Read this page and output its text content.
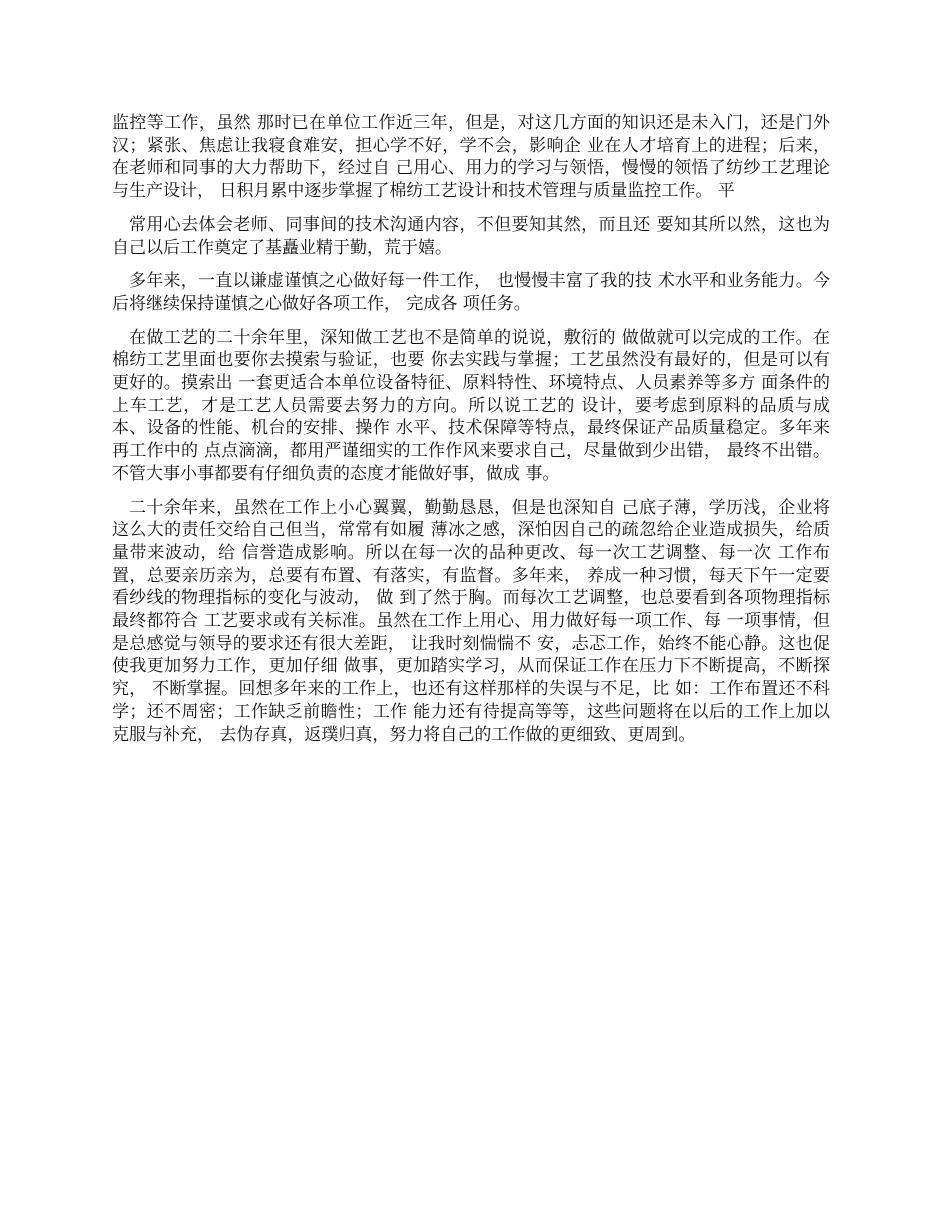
监控等工作，虽然 那时已在单位工作近三年，但是，对这几方面的知识还是未入门，还是门外汉；紧张、焦虑让我寝食难安，担心学不好，学不会，影响企 业在人才培育上的进程；后来，在老师和同事的大力帮助下，经过自 己用心、用力的学习与领悟，慢慢的领悟了纺纱工艺理论与生产设计， 日积月累中逐步掌握了棉纺工艺设计和技术管理与质量监控工作。 平

常用心去体会老师、同事间的技术沟通内容，不但要知其然，而且还 要知其所以然，这也为自己以后工作奠定了基矗业精于勤，荒于嬉。

多年来，一直以谦虚谨慎之心做好每一件工作， 也慢慢丰富了我的技 术水平和业务能力。今后将继续保持谨慎之心做好各项工作， 完成各 项任务。

在做工艺的二十余年里，深知做工艺也不是简单的说说，敷衍的 做做就可以完成的工作。在棉纺工艺里面也要你去摸索与验证，也要 你去实践与掌握；工艺虽然没有最好的，但是可以有更好的。摸索出 一套更适合本单位设备特征、原料特性、环境特点、人员素养等多方 面条件的上车工艺，才是工艺人员需要去努力的方向。所以说工艺的 设计，要考虑到原料的品质与成本、设备的性能、机台的安排、操作 水平、技术保障等特点，最终保证产品质量稳定。多年来再工作中的 点点滴滴，都用严谨细实的工作作风来要求自己，尽量做到少出错， 最终不出错。不管大事小事都要有仔细负责的态度才能做好事，做成 事。

二十余年来，虽然在工作上小心翼翼，勤勤恳恳，但是也深知自 己底子薄，学历浅，企业将这么大的责任交给自己但当，常常有如履 薄冰之感，深怕因自己的疏忽给企业造成损失，给质量带来波动，给 信誉造成影响。所以在每一次的品种更改、每一次工艺调整、每一次 工作布置，总要亲历亲为，总要有布置、有落实，有监督。多年来， 养成一种习惯，每天下午一定要看纱线的物理指标的变化与波动， 做 到了然于胸。而每次工艺调整，也总要看到各项物理指标最终都符合 工艺要求或有关标准。虽然在工作上用心、用力做好每一项工作、每 一项事情，但是总感觉与领导的要求还有很大差距， 让我时刻惴惴不 安，忐忑工作，始终不能心静。这也促使我更加努力工作，更加仔细 做事，更加踏实学习，从而保证工作在压力下不断提高，不断探究， 不断掌握。回想多年来的工作上，也还有这样那样的失误与不足，比 如：工作布置还不科学；还不周密；工作缺乏前瞻性；工作 能力还有待提高等等，这些问题将在以后的工作上加以克服与补充， 去伪存真，返璞归真，努力将自己的工作做的更细致、更周到。
